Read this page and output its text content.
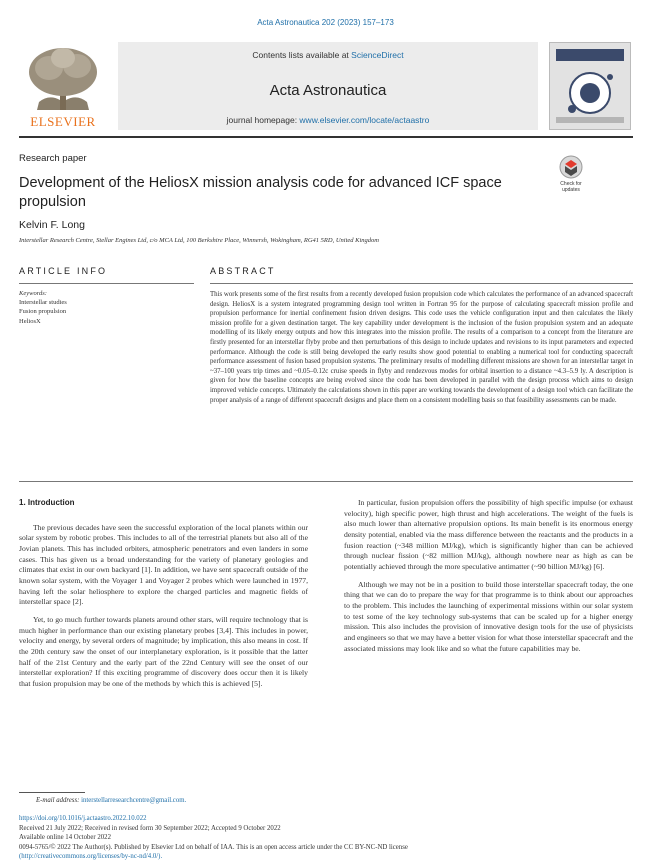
Acta Astronautica 202 (2023) 157–173
ELSEVIER
Contents lists available at ScienceDirect
Acta Astronautica
journal homepage: www.elsevier.com/locate/actaastro
Research paper
Check for
updates
Development of the HeliosX mission analysis code for advanced ICF space propulsion
Kelvin F. Long
Interstellar Research Centre, Stellar Engines Ltd, c/o MCA Ltd, 100 Berkshire Place, Winnersh, Wokingham, RG41 5RD, United Kingdom
ARTICLE INFO	ABSTRACT
Keywords:
Interstellar studies
Fusion propulsion
HeliosX
This work presents some of the first results from a recently developed fusion propulsion code which calculates the performance of an advanced spacecraft design. HeliosX is a system integrated programming design tool written in Fortran 95 for the purpose of calculating spacecraft mission profile and propulsion performance for inertial confinement fusion driven designs. This code uses the vehicle configuration input and then calculates the likely mission profile for a given destination target. The key capability under development is the inclusion of the fusion propulsion system and an adequate modelling of its likely energy outputs and how this integrates into the mission profile. The results of a comparison to a concept from the literature are firstly presented for an interstellar flyby probe and then perturbations of this design to include updates and revisions to its input parameters and expected performance. Although the code is still being developed the early results show good potential to enabling a numerical tool for conducting spacecraft performance assessment of fusion based propulsion systems. The preliminary results of modelling different missions are shown for an interstellar target in ~37–100 years trip times and ~0.05–0.12c cruise speeds in flyby and rendezvous modes for orbital insertion to a distance ~4.3–5.9 ly. A description is given for how the baseline concepts are being evolved since the code has been developed in parallel with the design process which aims to design improved vehicle concepts. Ultimately the calculations shown in this paper are working towards the development of a design tool which can facilitate the proper analysis of a range of different spacecraft designs and place them on a consistent modelling basis so that feasibility assessments can be made.
1. Introduction

The previous decades have seen the successful exploration of the local planets within our solar system by robotic probes. This includes to all of the terrestrial planets but also all of the Jovian planets. This has included orbiters, atmospheric penetrators and even landers in some cases. This has given us a broad understanding for the variety of planetary geologies and climates that exist in our own backyard [1]. In addition, we have sent spacecraft outside of the known solar system, with the Voyager 1 and Voyager 2 probes which were launched in 1977, having left the solar heliosphere to explore the charged particles and magnetic fields of interstellar space [2].

Yet, to go much further towards planets around other stars, will require technology that is much higher in performance than our existing planetary probes [3,4]. This includes in power, velocity and energy, by several orders of magnitude; by implication, this also means in cost. If the 20th century saw the onset of our interplanetary exploration, is it possible that the latter half of the 21st Century and the early part of the 22nd Century will see the onset of our interstellar exploration? If this exciting programme of discovery does occur then it is likely that fusion propulsion may be one of the methods by which this is achieved [5].

In particular, fusion propulsion offers the possibility of high specific impulse (or exhaust velocity), high specific power, high thrust and high accelerations. The weight of the fuels is also much lower than alternative propulsion options. Its main benefit is its enormous energy density potential, enabled via the mass difference between the reactants and the products in a fusion reaction (~348 million MJ/kg), which is significantly higher than can be achieved through nuclear fission (~82 million MJ/kg), although nowhere near as high as can be potentially achieved through the more speculative antimatter (~90 billion MJ/kg) [6].

Although we may not be in a position to build those interstellar spacecraft today, the one thing that we can do to prepare the way for that programme is to think about our approaches to the problem. This includes the launching of experimental missions within our solar system to test some of the key technology sub-systems that can be scaled up for a higher energy mission. This also includes the provision of innovative design tools for the use of physicists and engineers so that we may have a better vision for what those interstellar spacecraft and the associated missions may look like and so what the future capabilities may be.

E-mail address: interstellarresearchcentre@gmail.com.
https://doi.org/10.1016/j.actaastro.2022.10.022
Received 21 July 2022; Received in revised form 30 September 2022; Accepted 9 October 2022
Available online 14 October 2022
0094-5765/© 2022 The Author(s). Published by Elsevier Ltd on behalf of IAA. This is an open access article under the CC BY-NC-ND license
(http://creativecommons.org/licenses/by-nc-nd/4.0/).
